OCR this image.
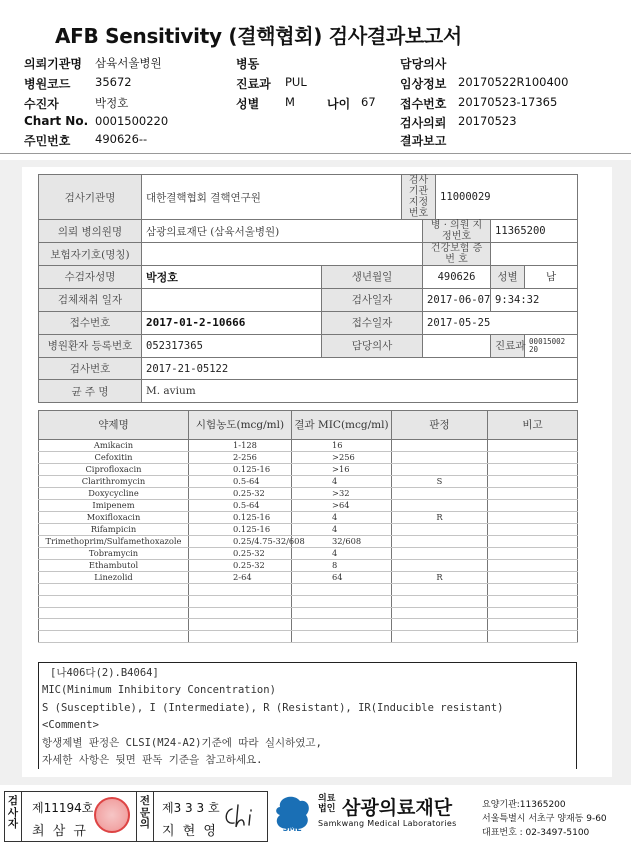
AFB Sensitivity (결핵협회) 검사결과보고서
의뢰기관명 삼육서울병원	병동	담당의사
병원코드 35672	진료과 PUL	임상정보 20170522R100400
수진자	박정호	성별 M	나이 67 접수번호 20170523-17365
Chart No. 0001500220	검사의뢰 20170523
주민번호 490626--	결과보고
검사기관명	대한결핵협회 결핵연구원		검사기관 지정번호		11000029		
의뢰 병의원명	삼광의료재단 (삼육서울병원)			병 · 의원 지정번호		11365200	
보험자기호(명칭)				건강보험 증 번 호			
수검자성명	박정호	생년월일		490626		성별	남
검체채취 일자		검사일자		2017-06-07		9:34:32	
접수번호	2017-01-2-10666	접수일자		2017-05-25			
병원환자 등록번호	052317365	담당의사				진료과	00015002 20
검사번호	2017-21-05122						
균 주 명	M. avium						
약제명	시험농도(mcg/ml)	결과 MIC(mcg/ml)	판정	비고
Amikacin	1-128	16		
Cefoxitin	2-256	>256		
Ciprofloxacin	0.125-16	>16		
Clarithromycin	0.5-64	4	S	
Doxycycline	0.25-32	>32		
Imipenem	0.5-64	>64		
Moxifloxacin	0.125-16	4	R	
Rifampicin	0.125-16	4		
Trimethoprim/Sulfamethoxazole	0.25/4.75-32/608	32/608		
Tobramycin	0.25-32	4		
Ethambutol	0.25-32	8		
Linezolid	2-64	64	R	

[나406다(2).B4064]
MIC(Minimum Inhibitory Concentration)
S (Susceptible), I (Intermediate), R (Resistant), IR(Inducible resistant)
<Comment>
항생제별 판정은 CLSI(M24-A2)기준에 따라 실시하였고,
자세한 사항은 뒷면 판독 기준을 참고하세요.
검사자
제11194호
최 삼 규
전문의
제3 3 3 호
지 현 영	SML
의료
법인 삼광의료재단
Samkwang Medical Laboratories
요양기관:11365200
서울특별시 서초구 양재동 9-60
대표번호 : 02-3497-5100
